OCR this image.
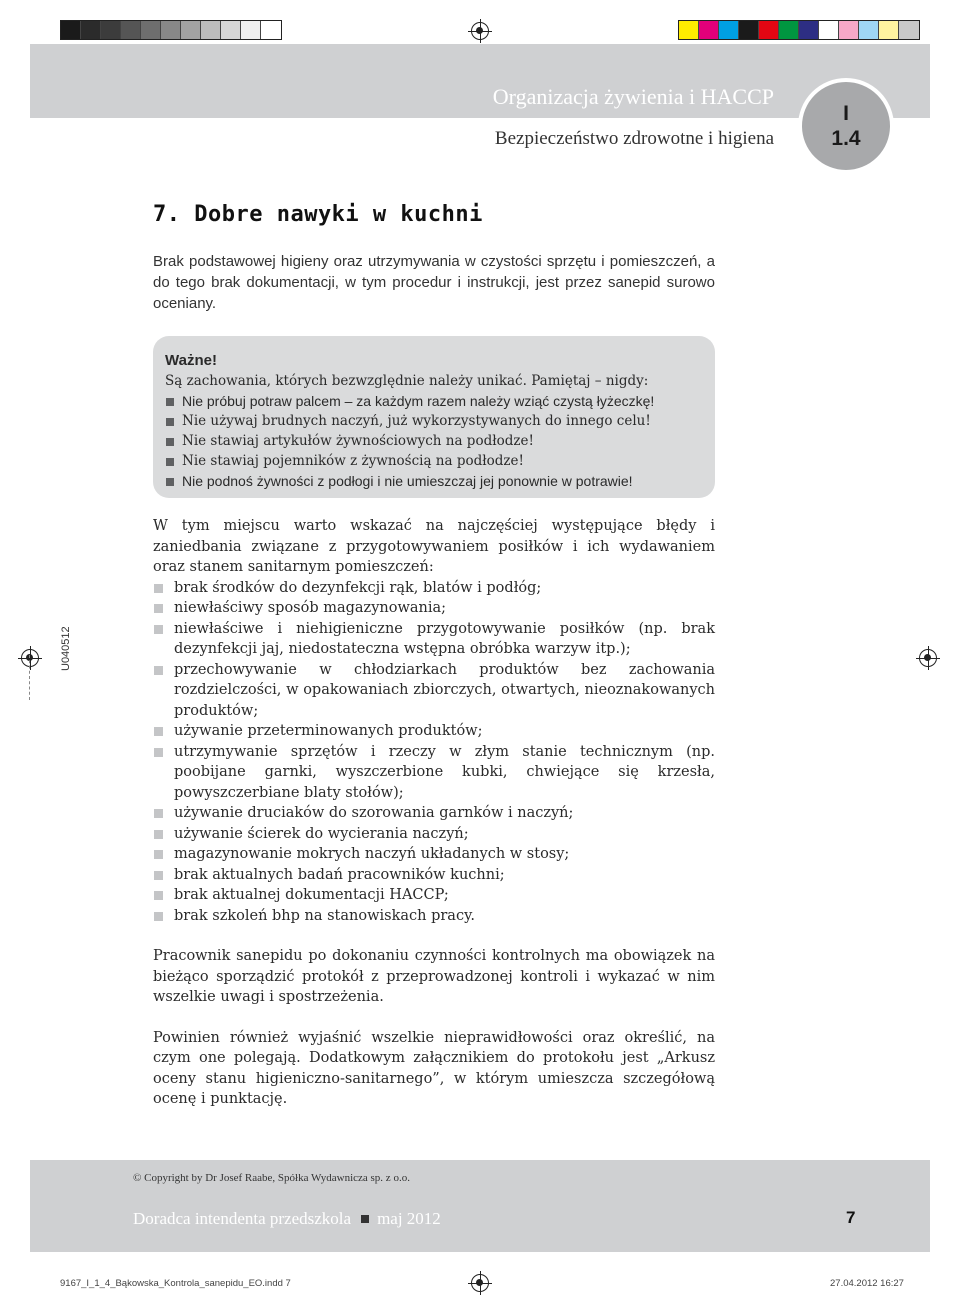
Organizacja żywienia i HACCP
Bezpieczeństwo zdrowotne i higiena
I
1.4
7. Dobre nawyki w kuchni
Brak podstawowej higieny oraz utrzymywania w czystości sprzętu i pomieszczeń, a do tego brak dokumentacji, w tym procedur i instrukcji, jest przez sanepid surowo oceniany.
Ważne!
Są zachowania, których bezwzględnie należy unikać. Pamiętaj – nigdy:
Nie próbuj potraw palcem – za każdym razem należy wziąć czystą łyżeczkę!
Nie używaj brudnych naczyń, już wykorzystywanych do innego celu!
Nie stawiaj artykułów żywnościowych na podłodze!
Nie stawiaj pojemników z żywnością na podłodze!
Nie podnoś żywności z podłogi i nie umieszczaj jej ponownie w potrawie!

W tym miejscu warto wskazać na najczęściej występujące błędy i zaniedbania związane z przygotowywaniem posiłków i ich wydawaniem oraz stanem sanitarnym pomieszczeń:

brak środków do dezynfekcji rąk, blatów i podłóg;
niewłaściwy sposób magazynowania;
niewłaściwe i niehigieniczne przygotowywanie posiłków (np. brak dezynfekcji jaj, niedostateczna wstępna obróbka warzyw itp.);
przechowywanie w chłodziarkach produktów bez zachowania rozdzielczości, w opakowaniach zbiorczych, otwartych, nieoznakowanych produktów;
używanie przeterminowanych produktów;
utrzymywanie sprzętów i rzeczy w złym stanie technicznym (np. poobijane garnki, wyszczerbione kubki, chwiejące się krzesła, powyszczerbiane blaty stołów);
używanie druciaków do szorowania garnków i naczyń;
używanie ścierek do wycierania naczyń;
magazynowanie mokrych naczyń układanych w stosy;
brak aktualnych badań pracowników kuchni;
brak aktualnej dokumentacji HACCP;
brak szkoleń bhp na stanowiskach pracy.

Pracownik sanepidu po dokonaniu czynności kontrolnych ma obowiązek na bieżąco sporządzić protokół z przeprowadzonej kontroli i wykazać w nim wszelkie uwagi i spostrzeżenia.

Powinien również wyjaśnić wszelkie nieprawidłowości oraz określić, na czym one polegają. Dodatkowym załącznikiem do protokołu jest „Arkusz oceny stanu higieniczno-sanitarnego”, w którym umieszcza szczegółową ocenę i punktację.

U040512
© Copyright by Dr Josef Raabe, Spółka Wydawnicza sp. z o.o.
Doradca intendenta przedszkola maj 2012	7
9167_I_1_4_Bąkowska_Kontrola_sanepidu_EO.indd 7	27.04.2012 16:27
